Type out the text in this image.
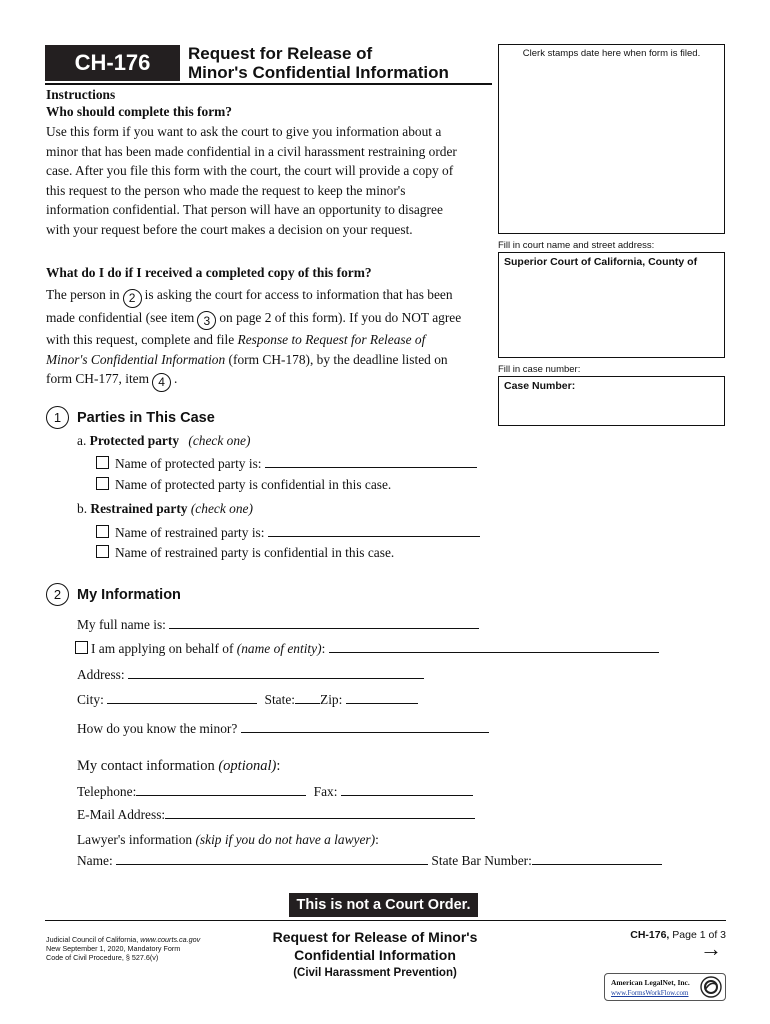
CH-176 Request for Release of
Minor's Confidential Information
Clerk stamps date here when form is filed.
Fill in court name and street address:
Superior Court of California, County of
Fill in case number:
Case Number:
Instructions
Who should complete this form?

Use this form if you want to ask the court to give you information about a

minor that has been made confidential in a civil harassment restraining order

case. After you file this form with the court, the court will provide a copy of

this request to the person who made the request to keep the minor's

information confidential. That person will have an opportunity to disagree

with your request before the court makes a decision on your request.

What do I do if I received a completed copy of this form?

The person in 2 is asking the court for access to information that has been

made confidential (see item 3 on page 2 of this form). If you do NOT agree

with this request, complete and file Response to Request for Release of

Minor's Confidential Information (form CH-178), by the deadline listed on

form CH-177, item 4 .

1	Parties in This Case
a. Protected party (check one)
Name of protected party is:
Name of protected party is confidential in this case.
b. Restrained party (check one)
Name of restrained party is:
Name of restrained party is confidential in this case.
2	My Information
My full name is:
I am applying on behalf of (name of entity):
Address:
City:	State: Zip:
How do you know the minor?
My contact information (optional):
Telephone:	Fax:
E-Mail Address:
Lawyer's information (skip if you do not have a lawyer):
Name:	State Bar Number:
This is not a Court Order.
Judicial Council of California, www.courts.ca.gov
New September 1, 2020, Mandatory Form
Code of Civil Procedure, § 527.6(v)
Request for Release of Minor's
Confidential Information
(Civil Harassment Prevention)
CH-176, Page 1 of 3
→
American LegalNet, Inc.
www.FormsWorkFlow.com
